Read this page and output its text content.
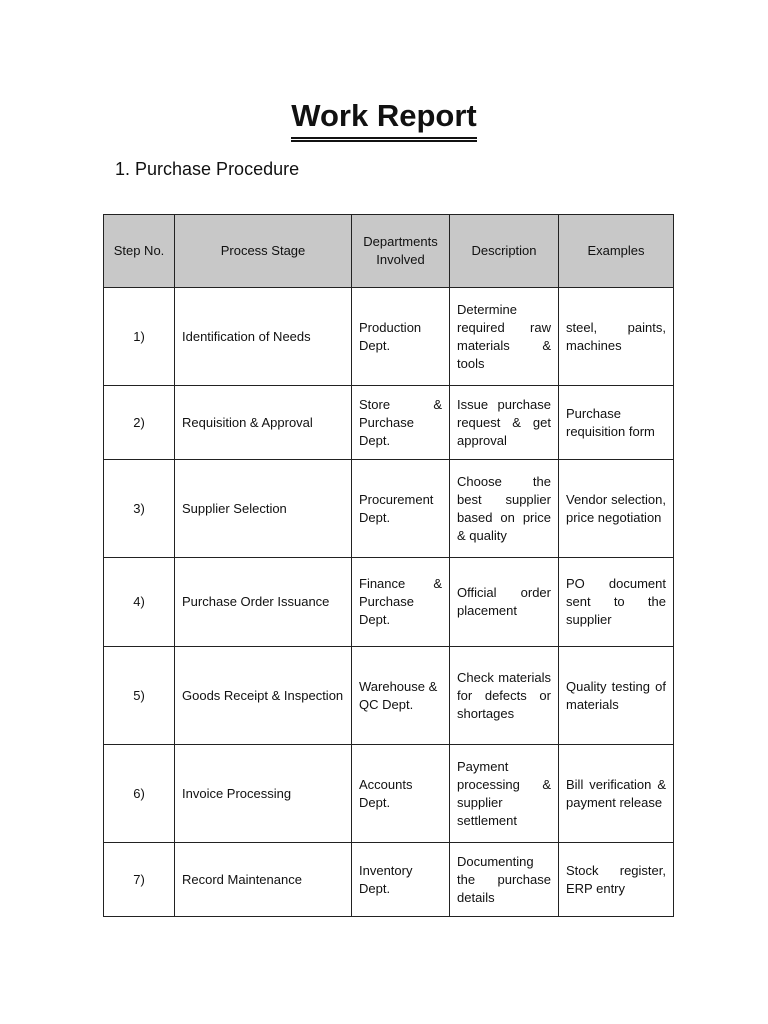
Work Report
1. Purchase Procedure
Step No.	Process Stage	Departments Involved	Description	Examples
1)	Identification of Needs	Production Dept.	Determine required raw materials & tools	steel, paints, machines
2)	Requisition & Approval	Store & Purchase Dept.	Issue purchase request & get approval	Purchase requisition form
3)	Supplier Selection	Procurement Dept.	Choose the best supplier based on price & quality	Vendor selection, price negotiation
4)	Purchase Order Issuance	Finance & Purchase Dept.	Official order placement	PO document sent to the supplier
5)	Goods Receipt & Inspection	Warehouse & QC Dept.	Check materials for defects or shortages	Quality testing of materials
6)	Invoice Processing	Accounts Dept.	Payment processing & supplier settlement	Bill verification & payment release
7)	Record Maintenance	Inventory Dept.	Documenting the purchase details	Stock register, ERP entry
